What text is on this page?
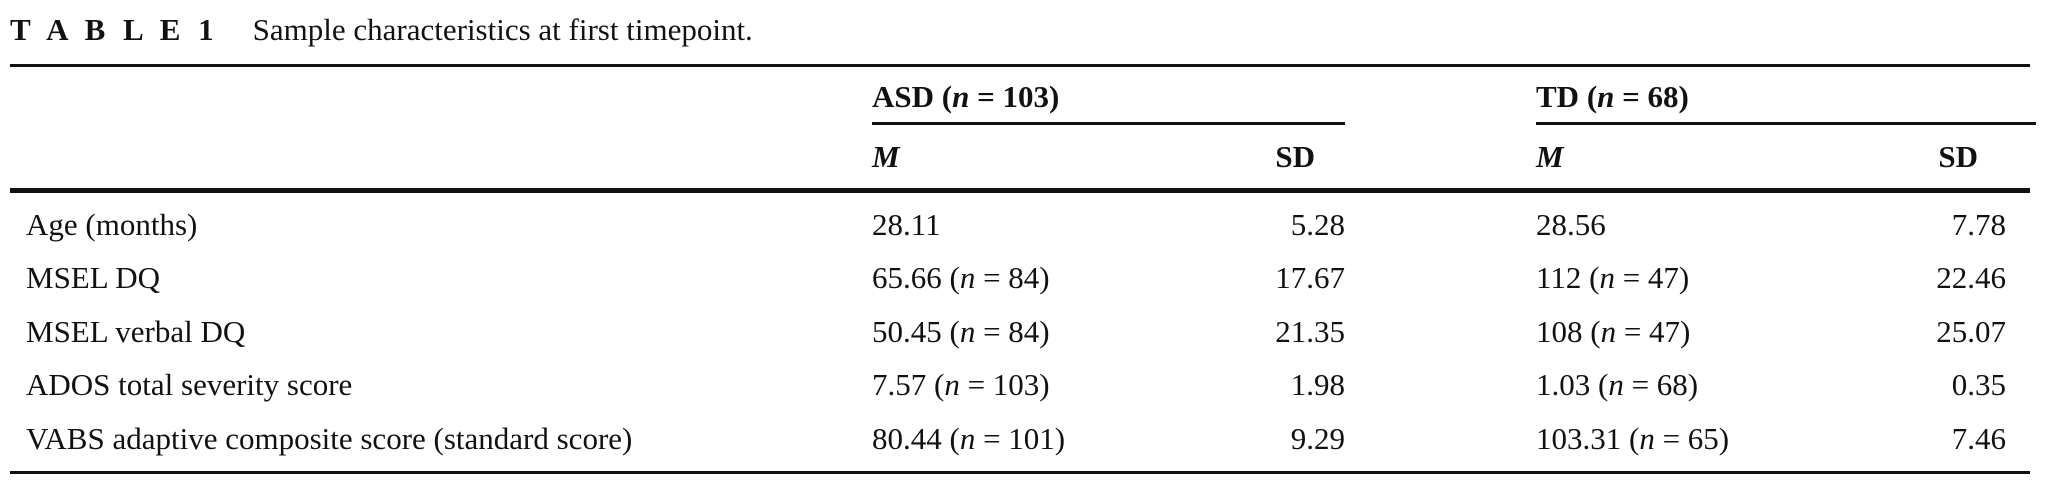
T A B L E 1 Sample characteristics at first timepoint.
ASD (n = 103)	TD (n = 68)
M	SD	M	SD
Age (months)	28.11	5.28	28.56	7.78
MSEL DQ	65.66 (n = 84)	17.67	112 (n = 47)	22.46
MSEL verbal DQ	50.45 (n = 84)	21.35	108 (n = 47)	25.07
ADOS total severity score	7.57 (n = 103)	1.98	1.03 (n = 68)	0.35
VABS adaptive composite score (standard score)	80.44 (n = 101)	9.29	103.31 (n = 65)	7.46
